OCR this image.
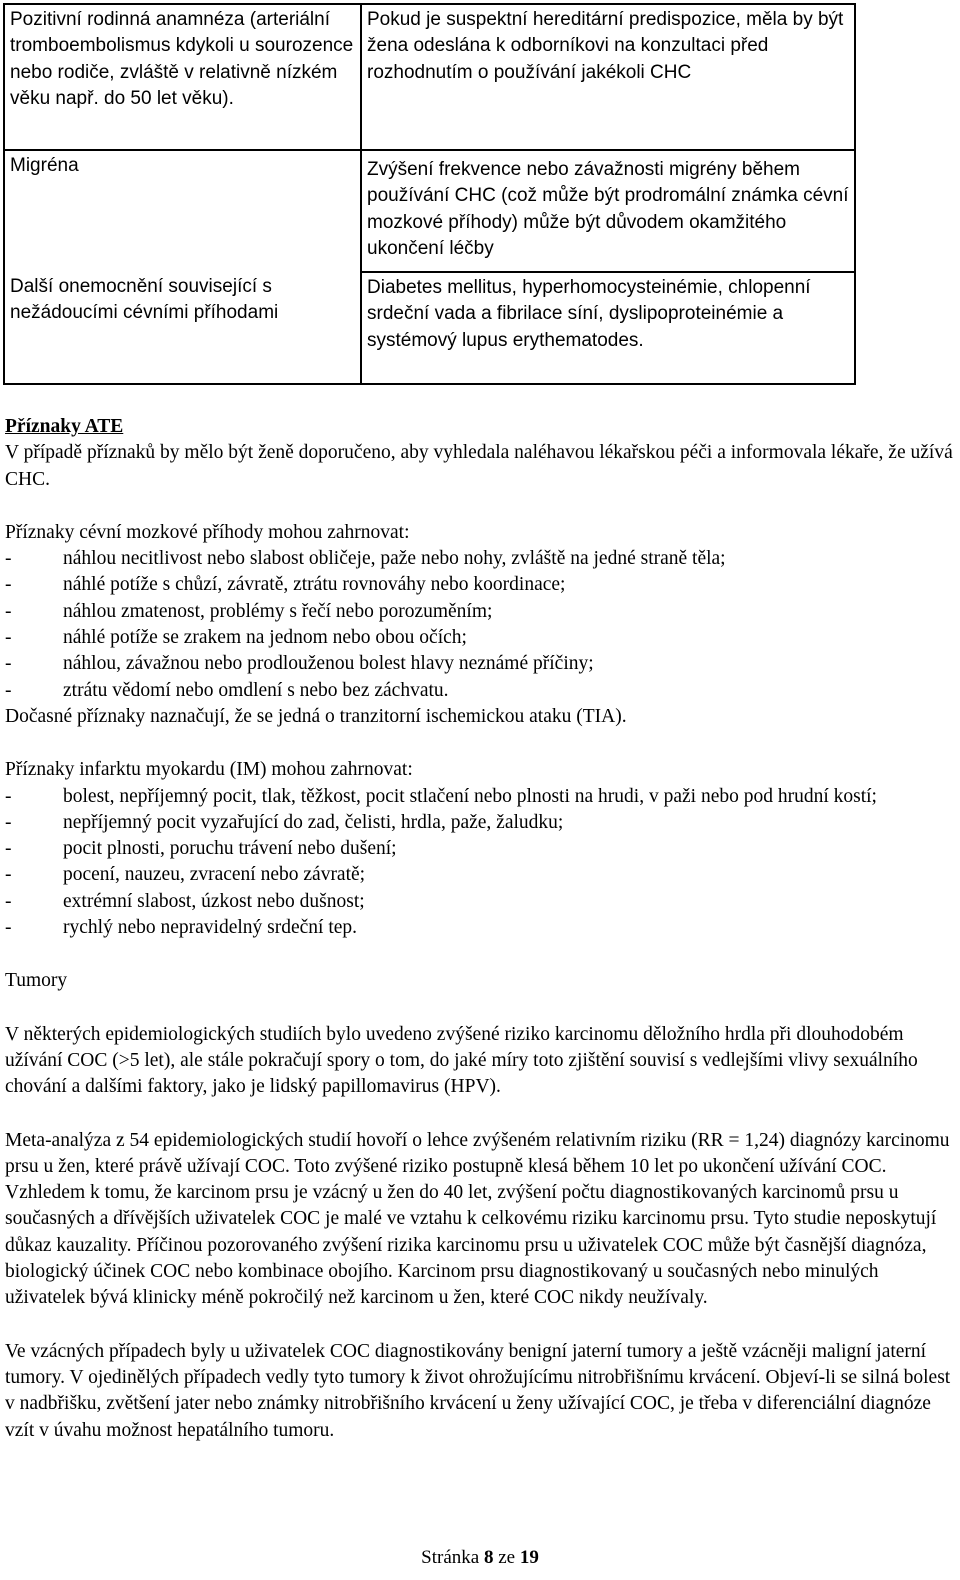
Pozitivní rodinná anamnéza (arteriální tromboembolismus kdykoli u sourozence nebo rodiče, zvláště v relativně nízkém věku např. do 50 let věku).	Pokud je suspektní hereditární predispozice, měla by být žena odeslána k odborníkovi na konzultaci před rozhodnutím o používání jakékoli CHC
Migréna	Zvýšení frekvence nebo závažnosti migrény během používání CHC (což může být prodromální známka cévní mozkové příhody) může být důvodem okamžitého ukončení léčby
Další onemocnění související s nežádoucími cévními příhodami	Diabetes mellitus, hyperhomocysteinémie, chlopenní srdeční vada a fibrilace síní, dyslipoproteinémie a systémový lupus erythematodes.

Příznaky ATE

V případě příznaků by mělo být ženě doporučeno, aby vyhledala naléhavou lékařskou péči a informovala lékaře, že užívá CHC.

Příznaky cévní mozkové příhody mohou zahrnovat:

- náhlou necitlivost nebo slabost obličeje, paže nebo nohy, zvláště na jedné straně těla;
- náhlé potíže s chůzí, závratě, ztrátu rovnováhy nebo koordinace;
- náhlou zmatenost, problémy s řečí nebo porozuměním;
- náhlé potíže se zrakem na jednom nebo obou očích;
- náhlou, závažnou nebo prodlouženou bolest hlavy neznámé příčiny;
- ztrátu vědomí nebo omdlení s nebo bez záchvatu.

Dočasné příznaky naznačují, že se jedná o tranzitorní ischemickou ataku (TIA).

Příznaky infarktu myokardu (IM) mohou zahrnovat:

- bolest, nepříjemný pocit, tlak, těžkost, pocit stlačení nebo plnosti na hrudi, v paži nebo pod hrudní kostí;
- nepříjemný pocit vyzařující do zad, čelisti, hrdla, paže, žaludku;
- pocit plnosti, poruchu trávení nebo dušení;
- pocení, nauzeu, zvracení nebo závratě;
- extrémní slabost, úzkost nebo dušnost;
- rychlý nebo nepravidelný srdeční tep.

Tumory

V některých epidemiologických studiích bylo uvedeno zvýšené riziko karcinomu děložního hrdla při dlouhodobém užívání COC (>5 let), ale stále pokračují spory o tom, do jaké míry toto zjištění souvisí s vedlejšími vlivy sexuálního chování a dalšími faktory, jako je lidský papillomavirus (HPV).

Meta-analýza z 54 epidemiologických studií hovoří o lehce zvýšeném relativním riziku (RR = 1,24) diagnózy karcinomu prsu u žen, které právě užívají COC. Toto zvýšené riziko postupně klesá během 10 let po ukončení užívání COC. Vzhledem k tomu, že karcinom prsu je vzácný u žen do 40 let, zvýšení počtu diagnostikovaných karcinomů prsu u současných a dřívějších uživatelek COC je malé ve vztahu k celkovému riziku karcinomu prsu. Tyto studie neposkytují důkaz kauzality. Příčinou pozorovaného zvýšení rizika karcinomu prsu u uživatelek COC může být časnější diagnóza, biologický účinek COC nebo kombinace obojího. Karcinom prsu diagnostikovaný u současných nebo minulých uživatelek bývá klinicky méně pokročilý než karcinom u žen, které COC nikdy neužívaly.

Ve vzácných případech byly u uživatelek COC diagnostikovány benigní jaterní tumory a ještě vzácněji maligní jaterní tumory. V ojedinělých případech vedly tyto tumory k život ohrožujícímu nitrobřišnímu krvácení. Objeví-li se silná bolest v nadbřišku, zvětšení jater nebo známky nitrobřišního krvácení u ženy užívající COC, je třeba v diferenciální diagnóze vzít v úvahu možnost hepatálního tumoru.

Stránka 8 ze 19
